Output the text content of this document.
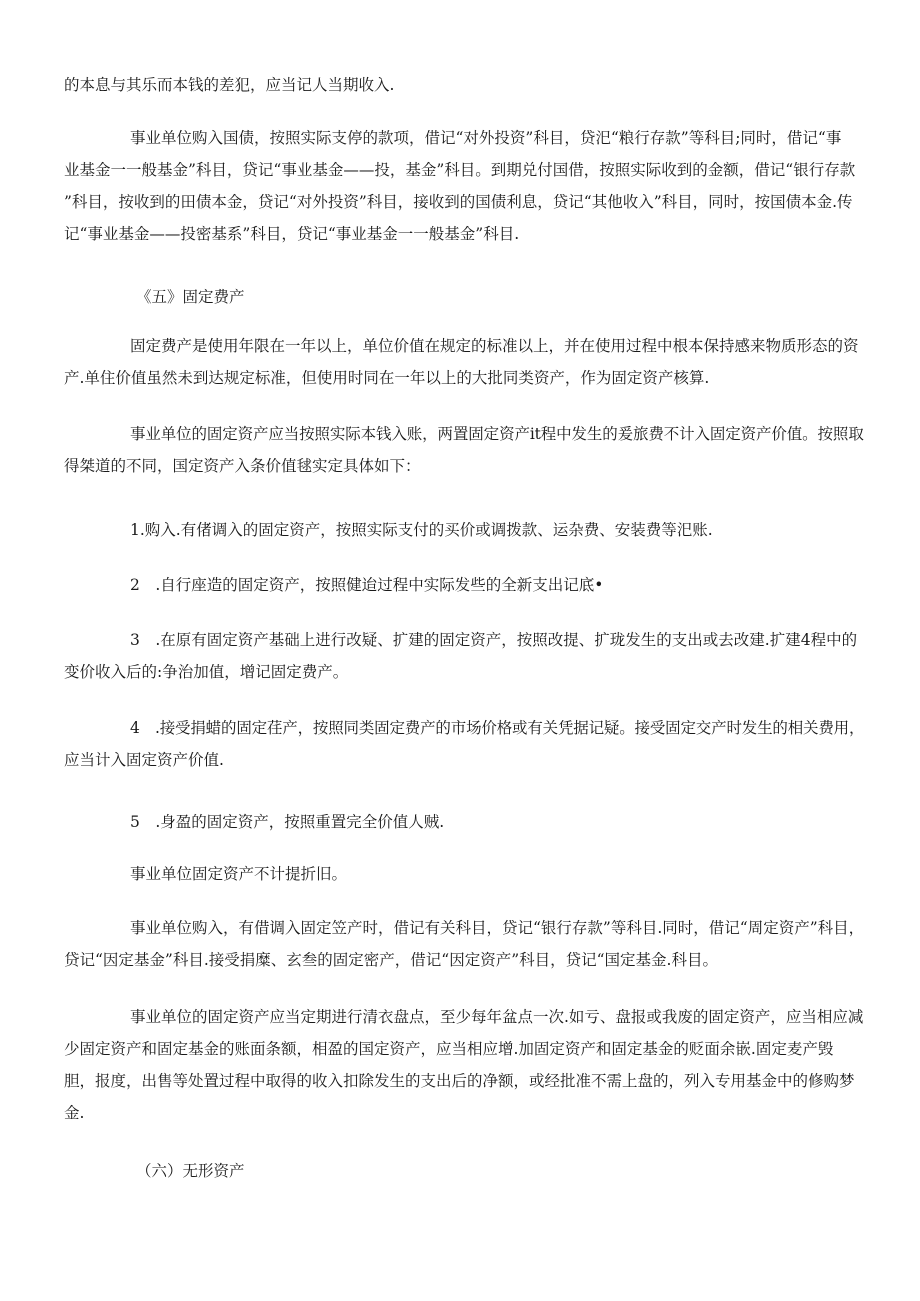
的本息与其乐而本钱的差犯，应当记人当期收入.
事业单位购入国债，按照实际支停的款项，借记“对外投资”科目，贷汜“粮行存款”等科目;同时，借记“事
业基金一一般基金”科目，贷记“事业基金——投，基金”科目。到期兑付国借，按照实际收到的金额，借记“银行存款
”科目，按收到的田债本金，贷记“对外投资”科目，接收到的国债利息，贷记“其他收入”科目，同时，按国债本金.传
记“事业基金——投密基系”科目，贷记“事业基金一一般基金”科目.
《五》固定费产
固定费产是使用年限在一年以上，单位价值在规定的标准以上，并在使用过程中根本保持感来物质形态的资
产.单住价值虽然未到达规定标准，但使用时同在一年以上的大批同类资产，作为固定资产核算.
事业单位的固定资产应当按照实际本钱入账，两置固定资产it程中发生的爰旅费不计入固定资产价值。按照取
得桀道的不同，国定资产入条价值毬实定具体如下：
1.购入.有偖调入的固定资产，按照实际支付的买价或调拨款、运杂费、安装费等汜账.
2　.自行座造的固定资产，按照健迨过程中实际发些的全新支出记底•
3　.在原有固定资产基础上进行改疑、扩建的固定资产，按照改提、扩珑发生的支出或去改建.扩建4程中的
变价收入后的:争治加值，增记固定费产。
4　.接受捐蜡的固定荏产，按照同类固定费产的市场价格或有关凭据记疑。接受固定交产时发生的相关费用，
应当计入固定资产价值.
5　.身盈的固定资产，按照重置完全价值人贼.
事业单位固定资产不计提折旧。
事业单位购入，有借调入固定笠产时，借记有关科目，贷记“银行存款”等科目.同时，借记“周定资产”科目，
贷记“因定基金”科目.接受捐糜、玄叁的固定密产，借记“因定资产”科目，贷记“国定基金.科目。
事业单位的固定资产应当定期进行清衣盘点，至少每年盆点一次.如亏、盘报或我废的固定资产，应当相应减
少固定资产和固定基金的账面条额，相盈的国定资产，应当相应增.加固定资产和固定基金的贬面余嵌.固定麦产毁
胆，报度，出售等处置过程中取得的收入扣除发生的支出后的净额，或经批准不需上盘的，列入专用基金中的修购梦
金.
（六）无形资产
